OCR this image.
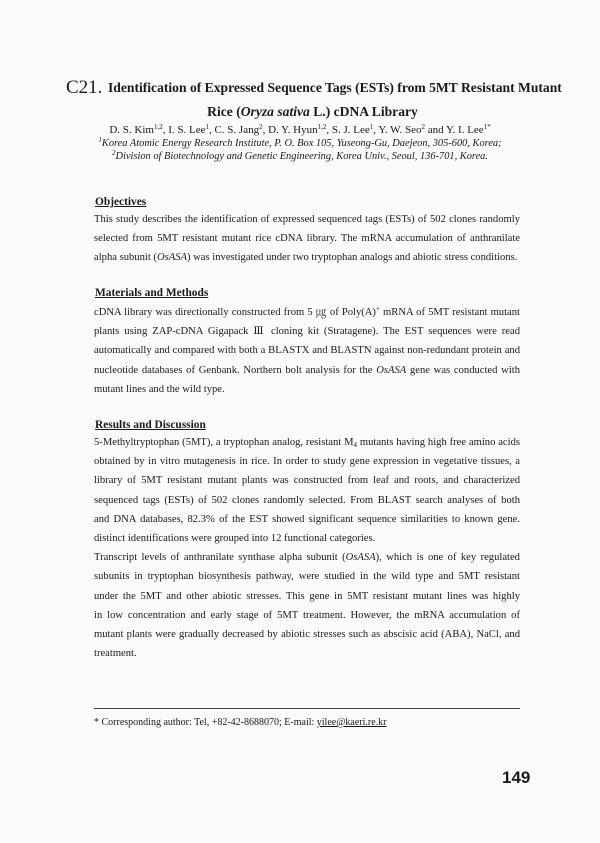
C21. Identification of Expressed Sequence Tags (ESTs) from 5MT Resistant Mutant
Rice (Oryza sativa L.) cDNA Library
D. S. Kim$^{1,2}$, I. S. Lee$^1$, C. S. Jang$^2$, D. Y. Hyun$^{1,2}$, S. J. Lee$^1$, Y. W. Seo$^2$ and Y. I. Lee$^{1*}$
$^1$Korea Atomic Energy Research Institute, P. O. Box 105, Yuseong-Gu, Daejeon, 305-600, Korea;
$^2$Division of Biotechnology and Genetic Engineering, Korea Univ., Seoul, 136-701, Korea.
Objectives
This study describes the identification of expressed sequenced tags (ESTs) of 502 clones randomly
selected from 5MT resistant mutant rice cDNA library. The mRNA accumulation of anthranilate
alpha subunit (OsASA) was investigated under two tryptophan analogs and abiotic stress conditions.
Materials and Methods
cDNA library was directionally constructed from 5 ㎍ of Poly(A)+ mRNA of 5MT resistant mutant
plants using ZAP-cDNA Gigapack Ⅲ cloning kit (Stratagene). The EST sequences were read
automatically and compared with both a BLASTX and BLASTN against non-redundant protein and
nucleotide databases of Genbank. Northern bolt analysis for the OsASA gene was conducted with
mutant lines and the wild type.
Results and Discussion
5-Methyltryptophan (5MT), a tryptophan analog, resistant $M_4$ mutants having high free amino acids
obtained by in vitro mutagenesis in rice. In order to study gene expression in vegetative tissues, a
library of 5MT resistant mutant plants was constructed from leaf and roots, and characterized
sequenced tags (ESTs) of 502 clones randomly selected. From BLAST search analyses of both
and DNA databases, 82.3% of the EST showed significant sequence similarities to known gene.
distinct identifications were grouped into 12 functional categories.
Transcript levels of anthranilate synthase alpha subunit (OsASA), which is one of key regulated
subunits in tryptophan biosynthesis pathway, were studied in the wild type and 5MT resistant
under the 5MT and other abiotic stresses. This gene in 5MT resistant mutant lines was highly
in low concentration and early stage of 5MT treatment. However, the mRNA accumulation of
mutant plants were gradually decreased by abiotic stresses such as abscisic acid (ABA), NaCl, and
treatment.
* Corresponding author: Tel, +82-42-8688070; E-mail: yilee@kaeri.re.kr
149
